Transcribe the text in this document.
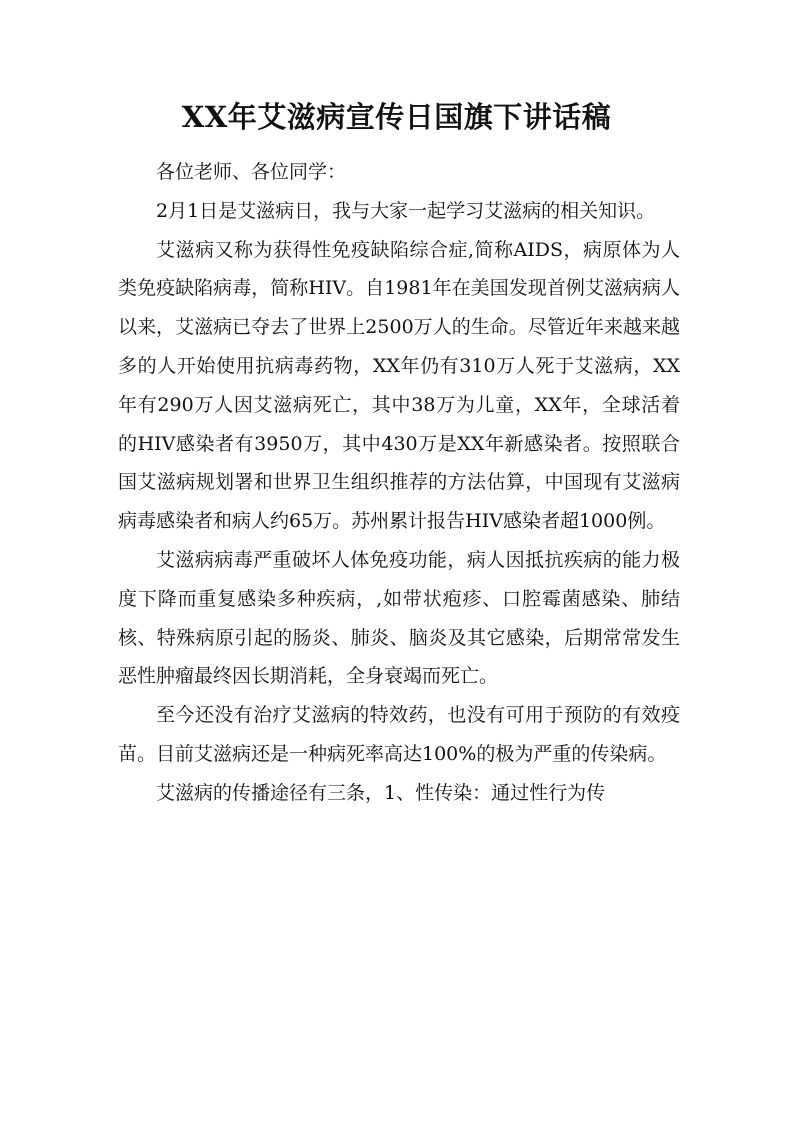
XX年艾滋病宣传日国旗下讲话稿

各位老师、各位同学：

2月1日是艾滋病日，我与大家一起学习艾滋病的相关知识。

艾滋病又称为获得性免疫缺陷综合症,简称AIDS，病原体为人类免疫缺陷病毒，简称HIV。自1981年在美国发现首例艾滋病病人以来，艾滋病已夺去了世界上2500万人的生命。尽管近年来越来越多的人开始使用抗病毒药物，XX年仍有310万人死于艾滋病，XX年有290万人因艾滋病死亡，其中38万为儿童，XX年，全球活着的HIV感染者有3950万，其中430万是XX年新感染者。按照联合国艾滋病规划署和世界卫生组织推荐的方法估算，中国现有艾滋病病毒感染者和病人约65万。苏州累计报告HIV感染者超1000例。

艾滋病病毒严重破坏人体免疫功能，病人因抵抗疾病的能力极度下降而重复感染多种疾病，,如带状疱疹、口腔霉菌感染、肺结核、特殊病原引起的肠炎、肺炎、脑炎及其它感染，后期常常发生恶性肿瘤最终因长期消耗，全身衰竭而死亡。

至今还没有治疗艾滋病的特效药，也没有可用于预防的有效疫苗。目前艾滋病还是一种病死率高达100%的极为严重的传染病。

艾滋病的传播途径有三条，1、性传染：通过性行为传
